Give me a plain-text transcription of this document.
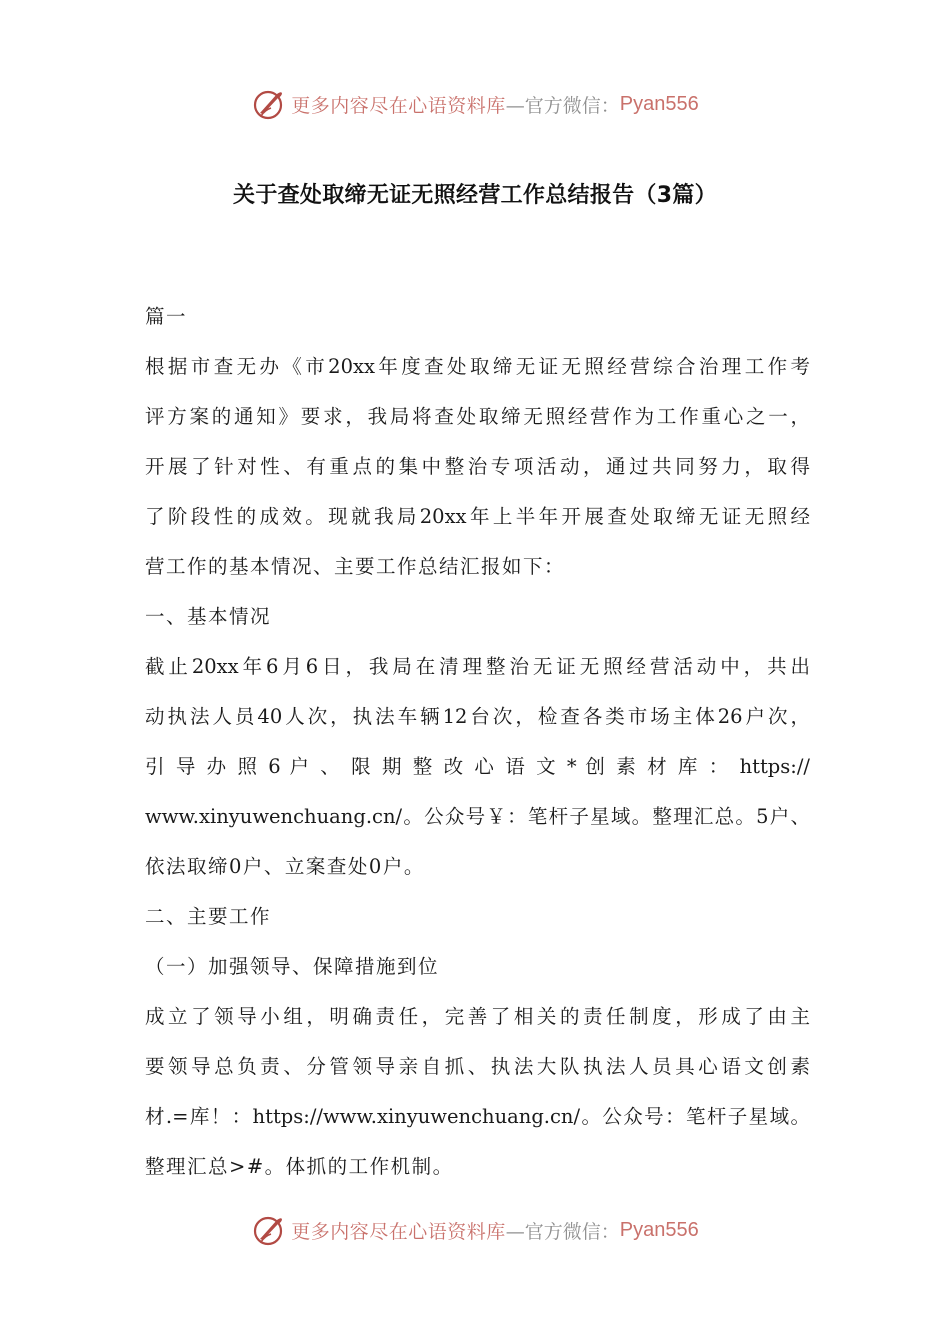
更多内容尽在心语资料库 —官方微信： Pyan556
关于查处取缔无证无照经营工作总结报告（3篇）
篇一
根据市查无办《市20xx年度查处取缔无证无照经营综合治理工作考
评方案的通知》要求，我局将查处取缔无照经营作为工作重心之一，
开展了针对性、有重点的集中整治专项活动，通过共同努力，取得
了阶段性的成效。现就我局20xx年上半年开展查处取缔无证无照经
营工作的基本情况、主要工作总结汇报如下：
一、基本情况
截止20xx年6月6日，我局在清理整治无证无照经营活动中，共出
动执法人员40人次，执法车辆12台次，检查各类市场主体26户次，
引 导 办 照 6 户 、 限 期 整 改 心 语 文 * 创 素 材 库 ： https://
www.xinyuwenchuang.cn/。公众号￥：笔杆子星域。整理汇总。5户、
依法取缔0户、立案查处0户。
二、主要工作
（一）加强领导、保障措施到位
成立了领导小组，明确责任，完善了相关的责任制度，形成了由主
要领导总负责、分管领导亲自抓、执法大队执法人员具心语文创素
材.=库！：https://www.xinyuwenchuang.cn/。公众号：笔杆子星域。
整理汇总>#。体抓的工作机制。
更多内容尽在心语资料库 —官方微信： Pyan556
